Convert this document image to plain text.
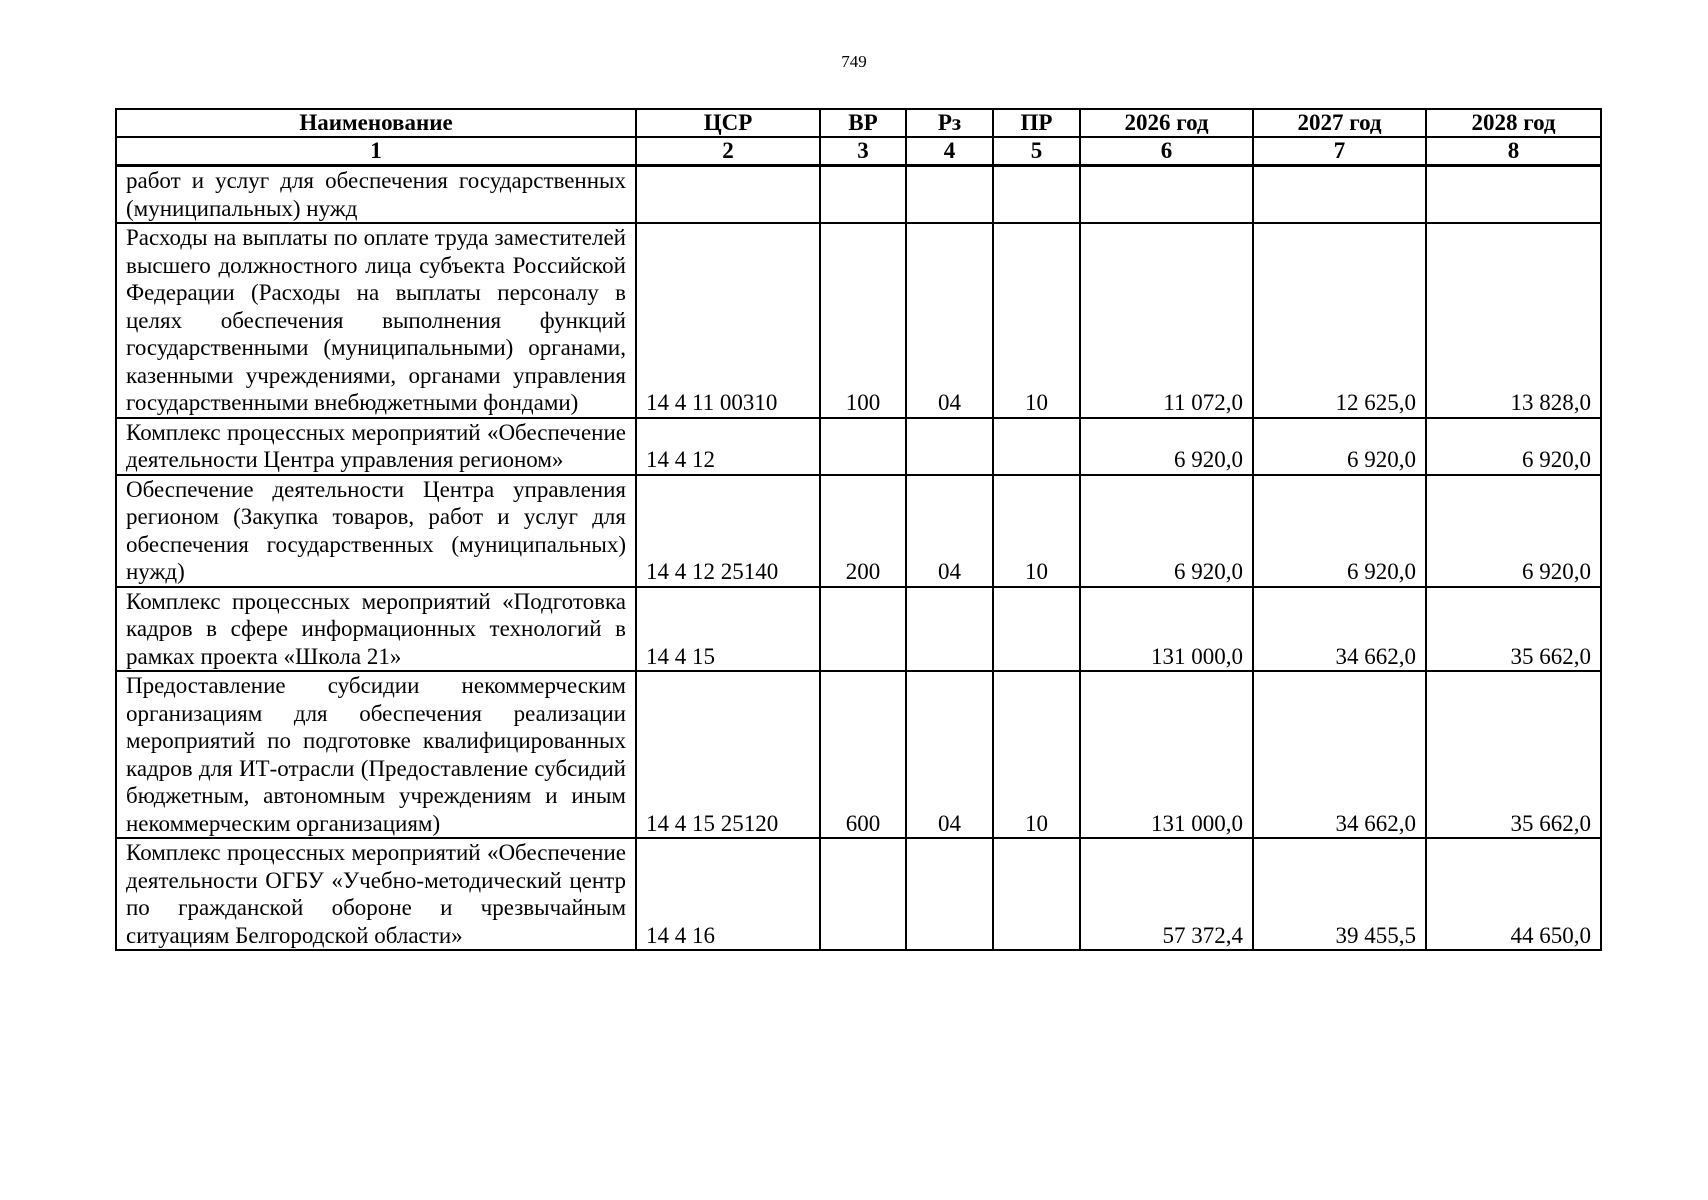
749
Наименование	ЦСР	ВР	Рз	ПР	2026 год	2027 год	2028 год
1	2	3	4	5	6	7	8
работ и услуг для обеспечения государственных (муниципальных) нужд							
Расходы на выплаты по оплате труда заместителей высшего должностного лица субъекта Российской Федерации (Расходы на выплаты персоналу в целях обеспечения выполнения функций государственными (муниципальными) органами, казенными учреждениями, органами управления государственными внебюджетными фондами)	14 4 11 00310	100	04	10	11 072,0	12 625,0	13 828,0
Комплекс процессных мероприятий «Обеспечение деятельности Центра управления регионом»	14 4 12				6 920,0	6 920,0	6 920,0
Обеспечение деятельности Центра управления регионом (Закупка товаров, работ и услуг для обеспечения государственных (муниципальных) нужд)	14 4 12 25140	200	04	10	6 920,0	6 920,0	6 920,0
Комплекс процессных мероприятий «Подготовка кадров в сфере информационных технологий в рамках проекта «Школа 21»	14 4 15				131 000,0	34 662,0	35 662,0
Предоставление субсидии некоммерческим организациям для обеспечения реализации мероприятий по подготовке квалифицированных кадров для ИТ-отрасли (Предоставление субсидий бюджетным, автономным учреждениям и иным некоммерческим организациям)	14 4 15 25120	600	04	10	131 000,0	34 662,0	35 662,0
Комплекс процессных мероприятий «Обеспечение деятельности ОГБУ «Учебно-методический центр по гражданской обороне и чрезвычайным ситуациям Белгородской области»	14 4 16				57 372,4	39 455,5	44 650,0
